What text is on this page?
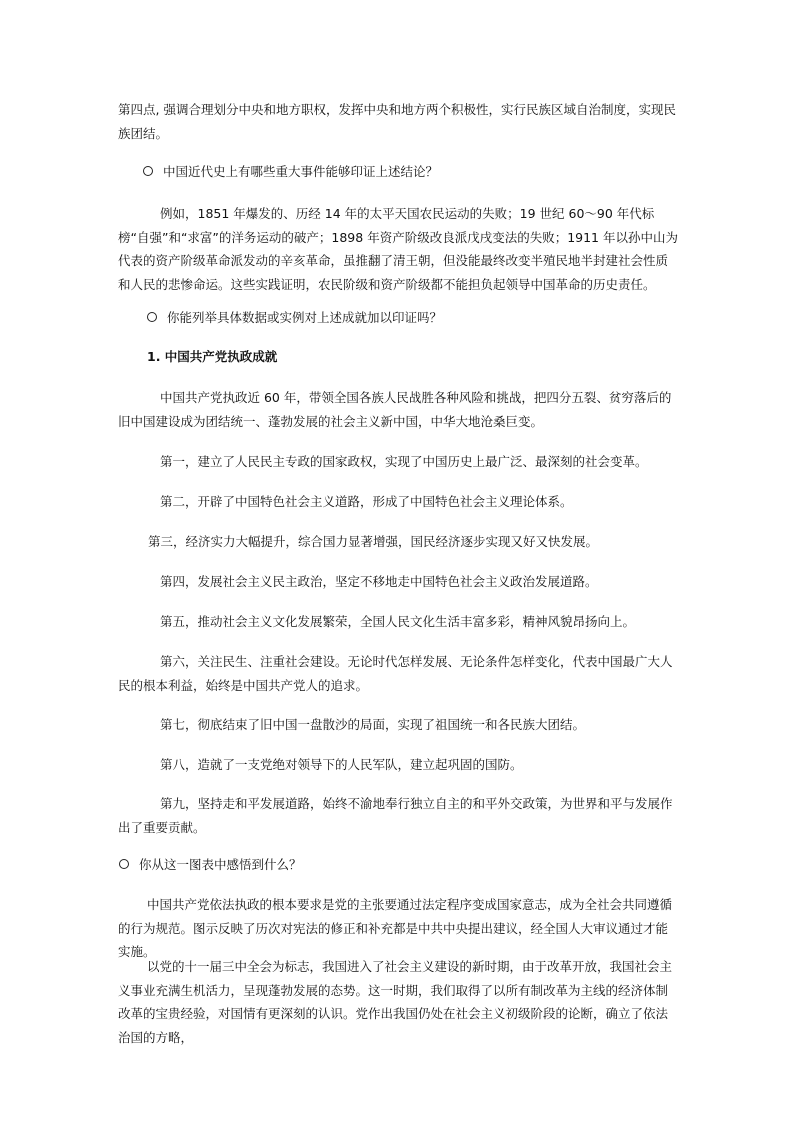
第四点, 强调合理划分中央和地方职权，发挥中央和地方两个积极性，实行民族区域自治制度，实现民族团结。

中国近代史上有哪些重大事件能够印证上述结论？

例如，1851 年爆发的、历经 14 年的太平天国农民运动的失败；19 世纪 60～90 年代标榜“自强”和“求富”的洋务运动的破产；1898 年资产阶级改良派戊戌变法的失败；1911 年以孙中山为代表的资产阶级革命派发动的辛亥革命，虽推翻了清王朝，但没能最终改变半殖民地半封建社会性质和人民的悲惨命运。这些实践证明，农民阶级和资产阶级都不能担负起领导中国革命的历史责任。

你能列举具体数据或实例对上述成就加以印证吗？

1. 中国共产党执政成就

中国共产党执政近 60 年，带领全国各族人民战胜各种风险和挑战，把四分五裂、贫穷落后的旧中国建设成为团结统一、蓬勃发展的社会主义新中国，中华大地沧桑巨变。

第一，建立了人民民主专政的国家政权，实现了中国历史上最广泛、最深刻的社会变革。

第二，开辟了中国特色社会主义道路，形成了中国特色社会主义理论体系。

第三，经济实力大幅提升，综合国力显著增强，国民经济逐步实现又好又快发展。

第四，发展社会主义民主政治，坚定不移地走中国特色社会主义政治发展道路。

第五，推动社会主义文化发展繁荣，全国人民文化生活丰富多彩，精神风貌昂扬向上。

第六，关注民生、注重社会建设。无论时代怎样发展、无论条件怎样变化，代表中国最广大人民的根本利益，始终是中国共产党人的追求。

第七，彻底结束了旧中国一盘散沙的局面，实现了祖国统一和各民族大团结。

第八，造就了一支党绝对领导下的人民军队，建立起巩固的国防。

第九，坚持走和平发展道路，始终不渝地奉行独立自主的和平外交政策，为世界和平与发展作出了重要贡献。

你从这一图表中感悟到什么？

中国共产党依法执政的根本要求是党的主张要通过法定程序变成国家意志，成为全社会共同遵循的行为规范。图示反映了历次对宪法的修正和补充都是中共中央提出建议，经全国人大审议通过才能实施。

以党的十一届三中全会为标志，我国进入了社会主义建设的新时期，由于改革开放，我国社会主义事业充满生机活力，呈现蓬勃发展的态势。这一时期，我们取得了以所有制改革为主线的经济体制改革的宝贵经验，对国情有更深刻的认识。党作出我国仍处在社会主义初级阶段的论断，确立了依法治国的方略，
